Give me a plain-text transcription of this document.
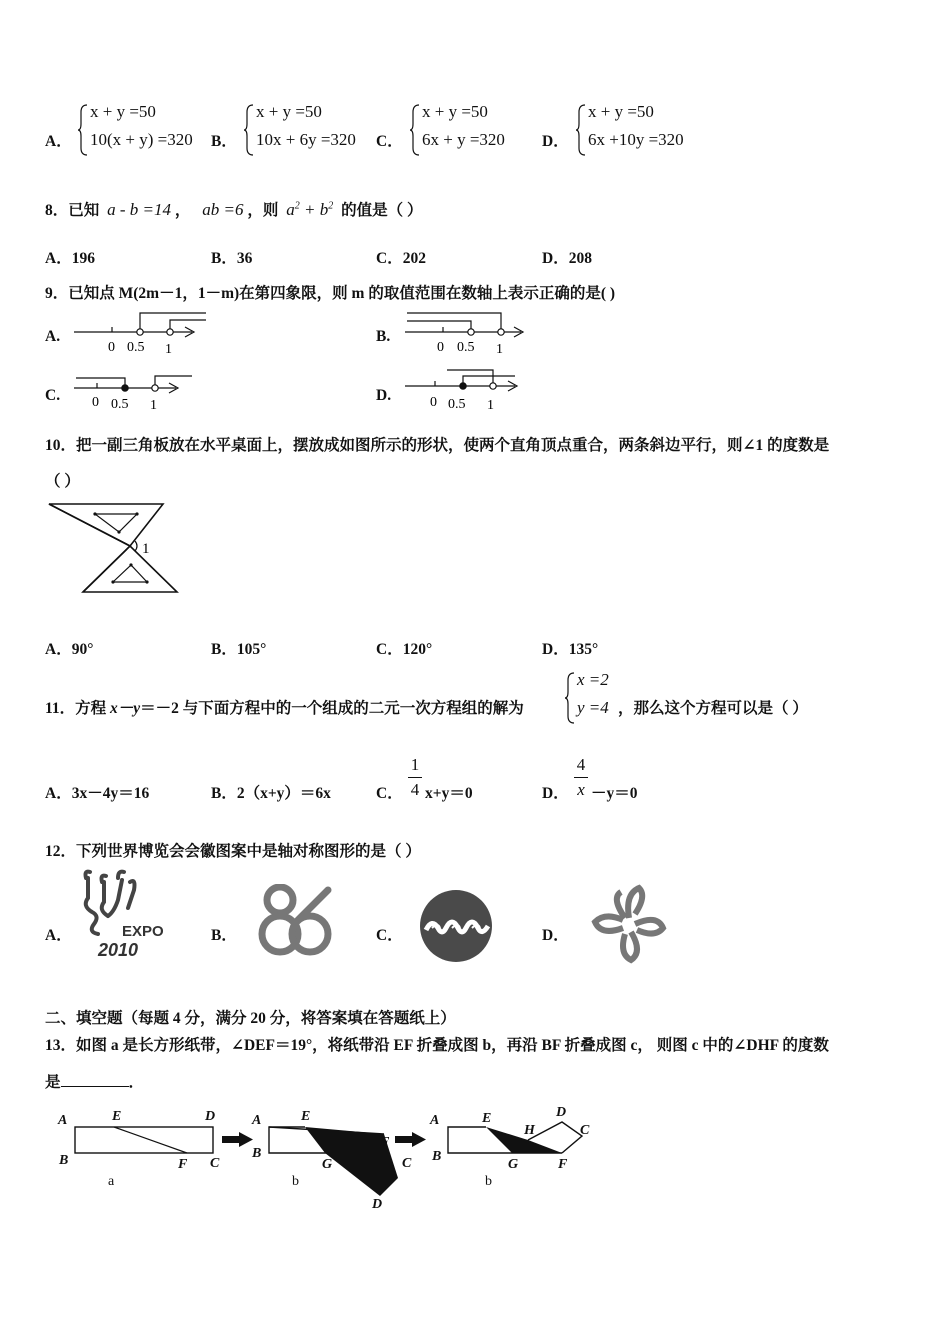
A．
x + y =50
10(x + y) =320 B．
x + y =50
10x + 6y =320 C．
x + y =50
6x + y =320 D．
x + y =50
6x +10y =320
8．已知 a - b =14 ， ab =6 ，则 $a^2 + b^2$ 的值是（ ）
A．196	B．36	C．202	D．208
9．已知点 M(2m－1，1－m)在第四象限，则 m 的取值范围在数轴上表示正确的是( )
A.
0 0.5 1
B.
0 0.5 1
C. 0 0.5 1
D.	0 0.5 1
10．把一副三角板放在水平桌面上，摆放成如图所示的形状，使两个直角顶点重合，两条斜边平行，则∠1 的度数是
（ ）
1
A．90°	B．105°	C．120°	D．135°
11．方程 x－y＝－2 与下面方程中的一个组成的二元一次方程组的解为
x =2
y =4 ，那么这个方程可以是（ ）
A．3x－4y＝16	B．2（x+y）＝6x	C．
1
4 x+y＝0	D．
4
x －y＝0
12．下列世界博览会会徽图案中是轴对称图形的是（ ）
A．	EXPO
2010
B．	C．	D．
二、填空题（每题 4 分，满分 20 分，将答案填在答题纸上）
13．如图 a 是长方形纸带，∠DEF＝19°，将纸带沿 EF 折叠成图 b，再沿 BF 折叠成图 c， 则图 c 中的∠DHF 的度数
是	．
A
B
E	D
F C
a
A
B
E
F
G	C
D
b
A
B
E
H
D
C
G	F
b
